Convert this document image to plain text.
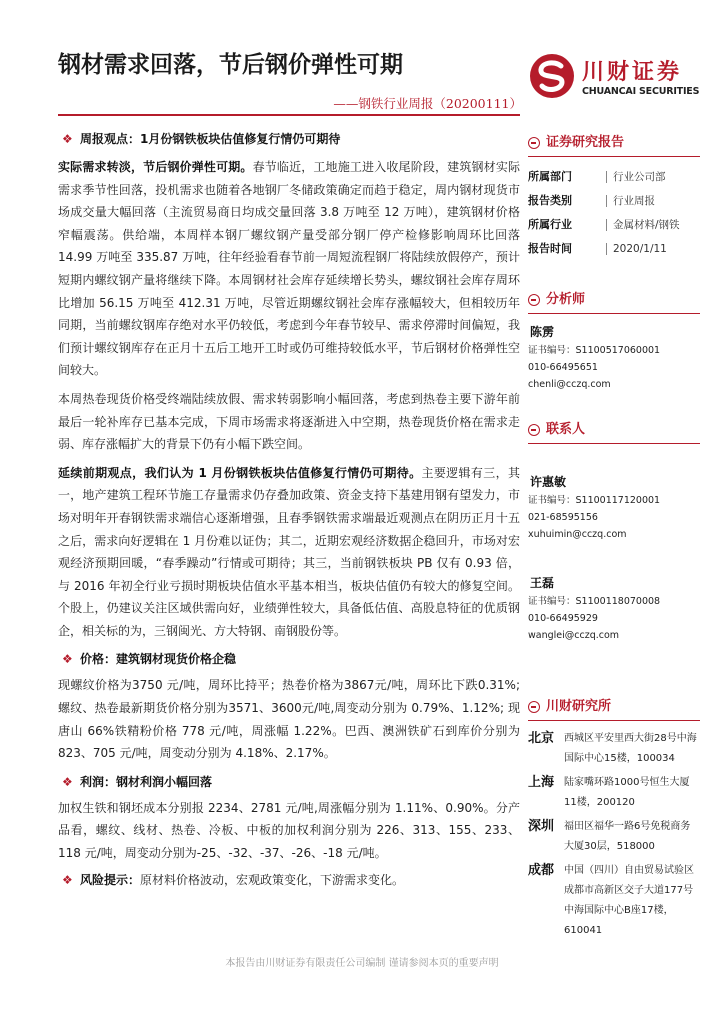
钢材需求回落，节后钢价弹性可期
——钢铁行业周报（20200111）
川财证券
CHUANCAI SECURITIES
❖ 周报观点：1月份钢铁板块估值修复行情仍可期待

实际需求转淡，节后钢价弹性可期。春节临近，工地施工进入收尾阶段，建筑钢材实际需求季节性回落，投机需求也随着各地钢厂冬储政策确定而趋于稳定，周内钢材现货市场成交量大幅回落（主流贸易商日均成交量回落 3.8 万吨至 12 万吨），建筑钢材价格窄幅震荡。供给端，本周样本钢厂螺纹钢产量受部分钢厂停产检修影响周环比回落 14.99 万吨至 335.87 万吨，往年经验看春节前一周短流程钢厂将陆续放假停产，预计短期内螺纹钢产量将继续下降。本周钢材社会库存延续增长势头，螺纹钢社会库存周环比增加 56.15 万吨至 412.31 万吨，尽管近期螺纹钢社会库存涨幅较大，但相较历年同期，当前螺纹钢库存绝对水平仍较低，考虑到今年春节较早、需求停滞时间偏短，我们预计螺纹钢库存在正月十五后工地开工时或仍可维持较低水平，节后钢材价格弹性空间较大。

本周热卷现货价格受终端陆续放假、需求转弱影响小幅回落，考虑到热卷主要下游年前最后一轮补库存已基本完成，下周市场需求将逐渐进入中空期，热卷现货价格在需求走弱、库存涨幅扩大的背景下仍有小幅下跌空间。

延续前期观点，我们认为 1 月份钢铁板块估值修复行情仍可期待。主要逻辑有三，其一，地产建筑工程环节施工存量需求仍存叠加政策、资金支持下基建用钢有望发力，市场对明年开春钢铁需求端信心逐渐增强，且春季钢铁需求端最近观测点在阴历正月十五之后，需求向好逻辑在 1 月份难以证伪；其二，近期宏观经济数据企稳回升，市场对宏观经济预期回暖，“春季躁动”行情或可期待；其三，当前钢铁板块 PB 仅有 0.93 倍，与 2016 年初全行业亏损时期板块估值水平基本相当，板块估值仍有较大的修复空间。个股上，仍建议关注区域供需向好，业绩弹性较大，具备低估值、高股息特征的优质钢企，相关标的为，三钢闽光、方大特钢、南钢股份等。

❖ 价格：建筑钢材现货价格企稳

现螺纹价格为3750 元/吨，周环比持平；热卷价格为3867元/吨，周环比下跌0.31%;螺纹、热卷最新期货价格分别为3571、3600元/吨,周变动分别为 0.79%、1.12%; 现唐山 66%铁精粉价格 778 元/吨，周涨幅 1.22%。巴西、澳洲铁矿石到库价分别为 823、705 元/吨，周变动分别为 4.18%、2.17%。

❖ 利润：钢材利润小幅回落

加权生铁和钢坯成本分别报 2234、2781 元/吨,周涨幅分别为 1.11%、0.90%。分产品看，螺纹、线材、热卷、冷板、中板的加权利润分别为 226、313、155、233、118 元/吨，周变动分别为-25、-32、-37、-26、-18 元/吨。

❖ 风险提示：原材料价格波动，宏观政策变化，下游需求变化。
证券研究报告
所属部门	行业公司部
报告类别	行业周报
所属行业	金属材料/钢铁
报告时间	2020/1/11
分析师
陈雳
证书编号：S1100517060001
010-66495651
chenli@cczq.com
联系人
许惠敏
证书编号：S1100117120001
021-68595156
xuhuimin@cczq.com
王磊
证书编号：S1100118070008
010-66495929
wanglei@cczq.com
川财研究所
北京 西城区平安里西大街28号中海国际中心15楼，100034
上海 陆家嘴环路1000号恒生大厦11楼，200120
深圳 福田区福华一路6号免税商务大厦30层，518000
成都 中国（四川）自由贸易试验区成都市高新区交子大道177号中海国际中心B座17楼，610041
本报告由川财证券有限责任公司编制 谨请参阅本页的重要声明
